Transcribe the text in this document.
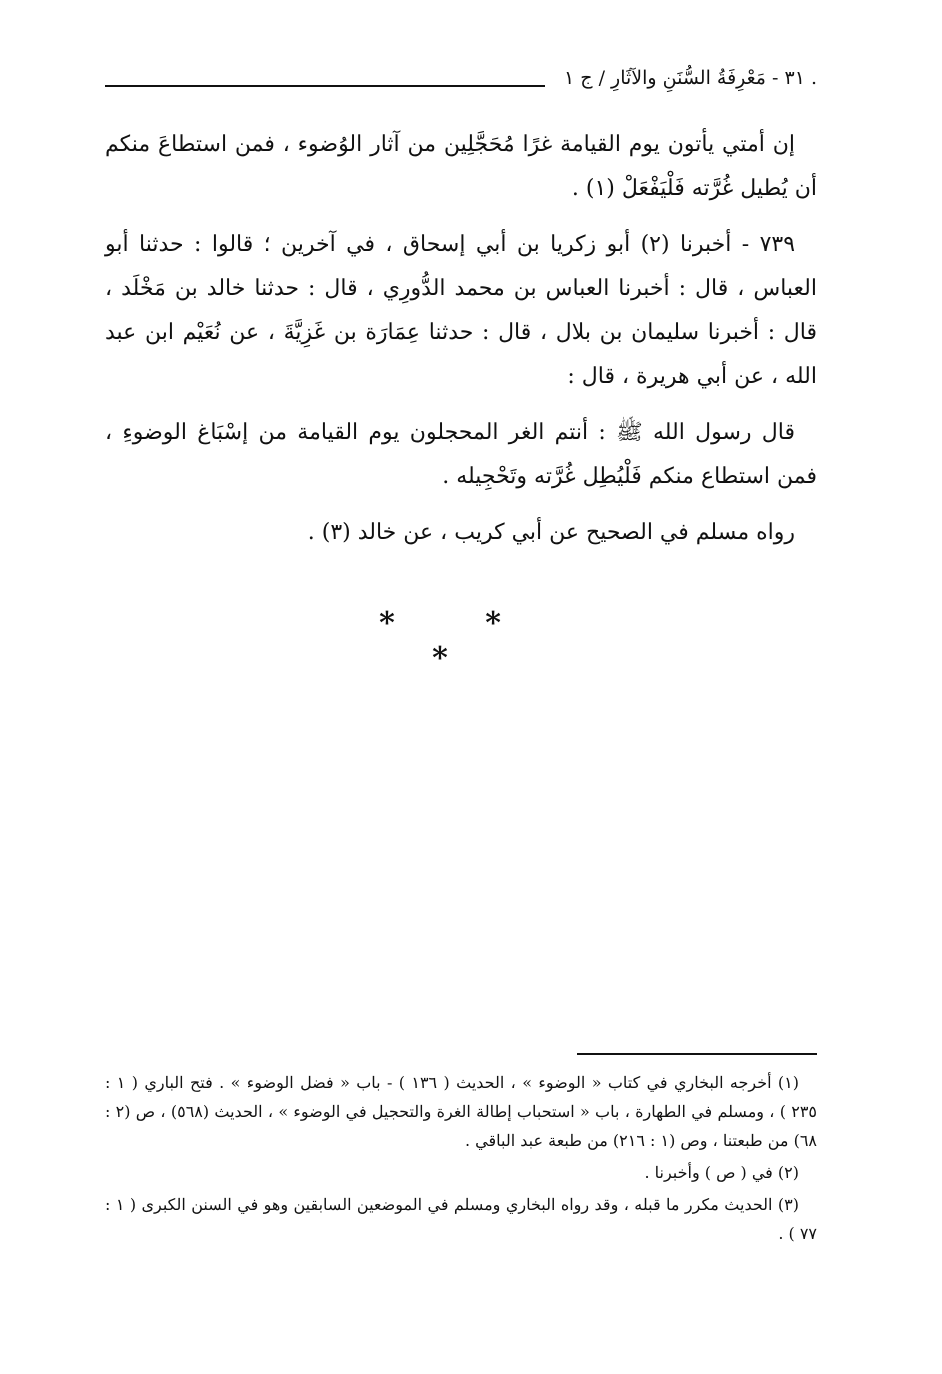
. ٣١ - مَعْرِفَةُ السُّنَنِ والآثَارِ / ج ١

إن أمتي يأتون يوم القيامة غرًا مُحَجَّلِين من آثار الوُضوء ، فمن استطاعَ منكم أن يُطيل غُرَّته فَلْيَفْعَلْ (١) .

٧٣٩ - أخبرنا (٢) أبو زكريا بن أبي إسحاق ، في آخرين ؛ قالوا : حدثنا أبو العباس ، قال : أخبرنا العباس بن محمد الدُّورِي ، قال : حدثنا خالد بن مَخْلَد ، قال : أخبرنا سليمان بن بلال ، قال : حدثنا عِمَارَة بن غَزِيَّةَ ، عن نُعَيْم ابن عبد الله ، عن أبي هريرة ، قال :

قال رسول الله ﷺ : أنتم الغر المحجلون يوم القيامة من إسْبَاغ الوضوءِ ، فمن استطاع منكم فَلْيُطِل غُرَّته وتَحْجِيله .

رواه مسلم في الصحيح عن أبي كريب ، عن خالد (٣) .

* * *

(١) أخرجه البخاري في كتاب « الوضوء » ، الحديث ( ١٣٦ ) - باب « فضل الوضوء » . فتح الباري ( ١ : ٢٣٥ ) ، ومسلم في الطهارة ، باب « استحباب إطالة الغرة والتحجيل في الوضوء » ، الحديث (٥٦٨) ، ص (٢ : ٦٨) من طبعتنا ، وص (١ : ٢١٦) من طبعة عبد الباقي .

(٢) في ( ص ) وأخبرنا .

(٣) الحديث مكرر ما قبله ، وقد رواه البخاري ومسلم في الموضعين السابقين وهو في السنن الكبرى ( ١ : ٧٧ ) .
